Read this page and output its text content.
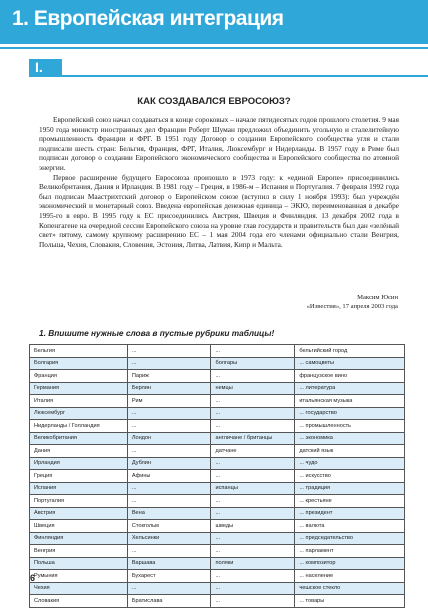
1. Европейская интеграция
I.
КАК СОЗДАВАЛСЯ ЕВРОСОЮЗ?

Европейский союз начал создаваться в конце сороковых – начале пятидесятых годов прошлого столетия. 9 мая 1950 года министр иностранных дел Франции Роберт Шуман предложил объединить угольную и сталелитейную промышленность Франции и ФРГ. В 1951 году Договор о создании Европейского сообщества угля и стали подписали шесть стран: Бельгия, Франция, ФРГ, Италия, Люксембург и Нидерланды. В 1957 году в Риме был подписан договор о создании Европейского экономического сообщества и Европейского сообщества по атомной энергии.

Первое расширение будущего Евросоюза произошло в 1973 году: к «единой Европе» присоединились Великобритания, Дания и Ирландия. В 1981 году – Греция, в 1986-м – Испания и Португалия. 7 февраля 1992 года был подписан Маастрихтский договор о Европейском союзе (вступил в силу 1 ноября 1993): был учреждён экономический и монетарный союз. Введена европейская денежная единица – ЭКЮ, переименованная в декабре 1995-го в евро. В 1995 году к ЕС присоединились Австрия, Швеция и Финляндия. 13 декабря 2002 года в Копенгагене на очередной сессии Европейского союза на уровне глав государств и правительств был дан «зелёный свет» пятому, самому крупному расширению ЕС – 1 мая 2004 года его членами официально стали Венгрия, Польша, Чехия, Словакия, Словения, Эстония, Литва, Латвия, Кипр и Мальта.

Максим Юсин
«Известия», 17 апреля 2003 года
1. Впишите нужные слова в пустые рубрики таблицы!
Бельгия	...	...	бельгийский город
Болгария	...	болгары	... самоцветы
Франция	Париж	...	французское вино
Германия	Берлин	немцы	... литература
Италия	Рим	...	итальянская музыка
Люксембург	...	...	... государство
Нидерланды / Голландия	...	...	... промышленность
Великобритания	Лондон	англичане / британцы	... экономика
Дания	...	датчане	датский язык
Ирландия	Дублин	...	... чудо
Греция	Афины	...	... искусство
Испания	...	испанцы	... традиция
Португалия	...	...	... крестьяне
Австрия	Вена	...	... президент
Швеция	Стокгольм	шведы	... валюта
Финляндия	Хельсинки	...	... председательство
Венгрия	...	...	... парламент
Польша	Варшава	поляки	... композитор
Румыния	Бухарест	...	... население
Чехия	...	...	чешское стекло
Словакия	Братислава	...	... товары
6
